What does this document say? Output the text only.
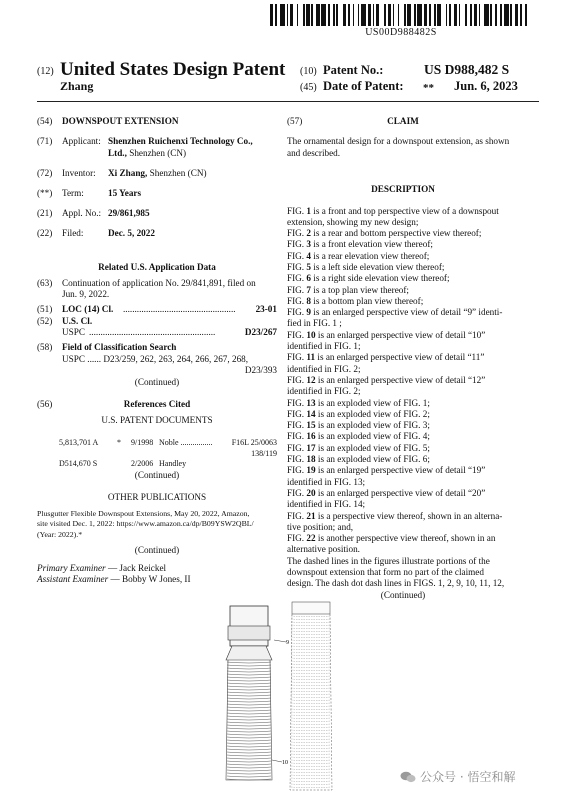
US00D988482S
(12) United States Design Patent
Zhang
(10) Patent No.:	US D988,482 S
(45) Date of Patent: ** Jun. 6, 2023
(54) DOWNSPOUT EXTENSION
(71) Applicant: Shenzhen Ruichenxi Technology Co.,
Ltd., Shenzhen (CN)
(72) Inventor: Xi Zhang, Shenzhen (CN)
(**) Term:	15 Years
(21) Appl. No.: 29/861,985
(22) Filed:	Dec. 5, 2022
Related U.S. Application Data
(63) Continuation of application No. 29/841,891, filed on
Jun. 9, 2022.
(51) LOC (14) Cl. .................................................	23-01
(52) U.S. Cl.
USPC .......................................................	D23/267
(58) Field of Classification Search
USPC ...... D23/259, 262, 263, 264, 266, 267, 268,
D23/393
(Continued)
(56)	References Cited
U.S. PATENT DOCUMENTS
5,813,701 A * 9/1998 Noble ................ F16L 25/0063
138/119
D514,670 S	2/2006 Handley
(Continued)
OTHER PUBLICATIONS
Plusgutter Flexible Downspout Extensions, May 20, 2022, Amazon,
site visited Dec. 1, 2022: https://www.amazon.ca/dp/B09YSW2QBL/
(Year: 2022).*
(Continued)
Primary Examiner — Jack Reickel
Assistant Examiner — Bobby W Jones, II
(57)	CLAIM
The ornamental design for a downspout extension, as shown
and described.
DESCRIPTION

FIG. 1 is a front and top perspective view of a downspout

extension, showing my new design;

FIG. 2 is a rear and bottom perspective view thereof;

FIG. 3 is a front elevation view thereof;

FIG. 4 is a rear elevation view thereof;

FIG. 5 is a left side elevation view thereof;

FIG. 6 is a right side elevation view thereof;

FIG. 7 is a top plan view thereof;

FIG. 8 is a bottom plan view thereof;

FIG. 9 is an enlarged perspective view of detail “9” identi-

fied in FIG. 1 ;

FIG. 10 is an enlarged perspective view of detail “10”

identified in FIG. 1;

FIG. 11 is an enlarged perspective view of detail “11”

identified in FIG. 2;

FIG. 12 is an enlarged perspective view of detail “12”

identified in FIG. 2;

FIG. 13 is an exploded view of FIG. 1;

FIG. 14 is an exploded view of FIG. 2;

FIG. 15 is an exploded view of FIG. 3;

FIG. 16 is an exploded view of FIG. 4;

FIG. 17 is an exploded view of FIG. 5;

FIG. 18 is an exploded view of FIG. 6;

FIG. 19 is an enlarged perspective view of detail “19”

identified in FIG. 13;

FIG. 20 is an enlarged perspective view of detail “20”

identified in FIG. 14;

FIG. 21 is a perspective view thereof, shown in an alterna-

tive position; and,

FIG. 22 is another perspective view thereof, shown in an

alternative position.

The dashed lines in the figures illustrate portions of the

downspout extension that form no part of the claimed

design. The dash dot dash lines in FIGS. 1, 2, 9, 10, 11, 12,

(Continued)
9
10
公众号 · 悟空和解
